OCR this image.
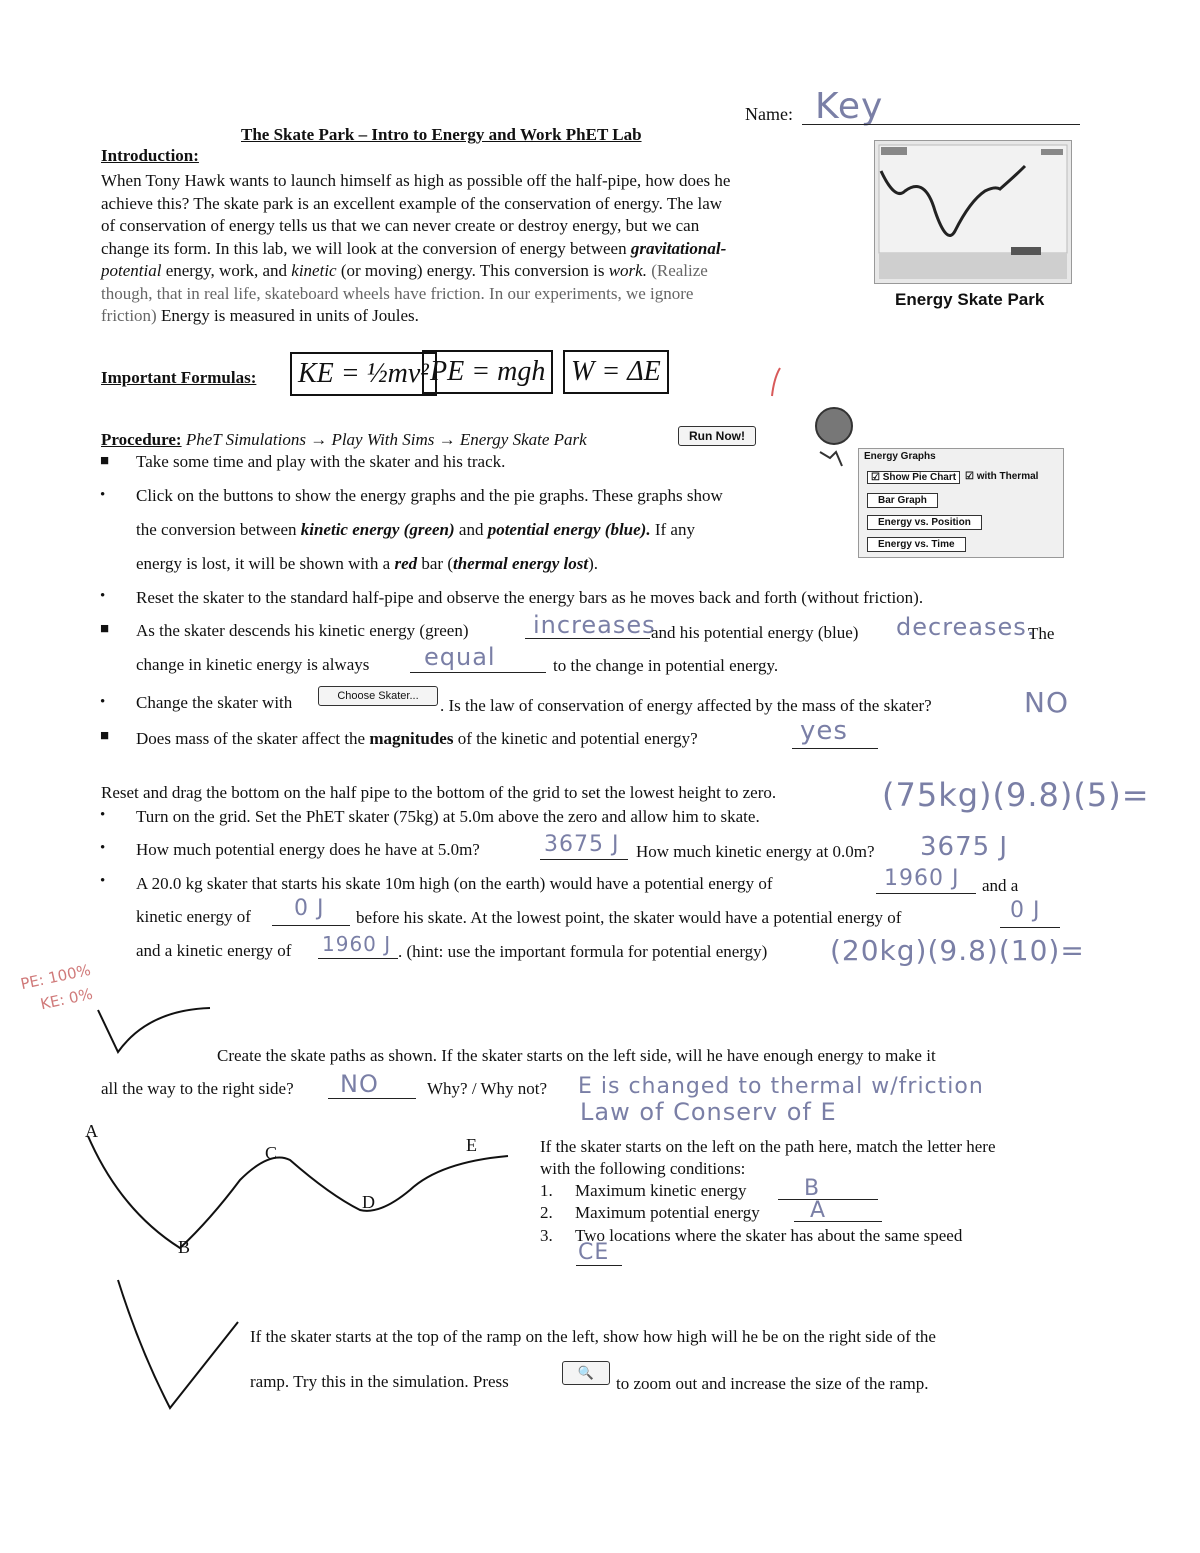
Name: Key
The Skate Park – Intro to Energy and Work PhET Lab
Introduction:
When Tony Hawk wants to launch himself as high as possible off the half-pipe, how does he
achieve this? The skate park is an excellent example of the conservation of energy. The law
of conservation of energy tells us that we can never create or destroy energy, but we can
change its form. In this lab, we will look at the conversion of energy between gravitational-
potential energy, work, and kinetic (or moving) energy. This conversion is work. (Realize
though, that in real life, skateboard wheels have friction. In our experiments, we ignore
friction) Energy is measured in units of Joules.
Energy Skate Park
Important Formulas: KE = ½mv² PE = mgh W = ΔE
Procedure: PheT Simulations → Play With Sims → Energy Skate Park	Run Now!
■ Take some time and play with the skater and his track.
• Click on the buttons to show the energy graphs and the pie graphs. These graphs show
the conversion between kinetic energy (green) and potential energy (blue). If any
energy is lost, it will be shown with a red bar (thermal energy lost).
Energy Graphs
☑ Show Pie Chart ☑ with Thermal
Bar Graph
Energy vs. Position
Energy vs. Time
• Reset the skater to the standard half-pipe and observe the energy bars as he moves back and forth (without friction).
■ As the skater descends his kinetic energy (green)	increases
and his potential energy (blue) decreases.
The
change in kinetic energy is always equal	to the change in potential energy.
• Change the skater with	Choose Skater...	. Is the law of conservation of energy affected by the mass of the skater?	NO
■ Does mass of the skater affect the magnitudes of the kinetic and potential energy?	yes
Reset and drag the bottom on the half pipe to the bottom of the grid to set the lowest height to zero.	(75kg)(9.8)(5)=
• Turn on the grid. Set the PhET skater (75kg) at 5.0m above the zero and allow him to skate.
• How much potential energy does he have at 5.0m?	3675 J How much kinetic energy at 0.0m? 3675 J
• A 20.0 kg skater that starts his skate 10m high (on the earth) would have a potential energy of	1960 J and a
kinetic energy of 0 J before his skate. At the lowest point, the skater would have a potential energy of	0 J
and a kinetic energy of 1960 J . (hint: use the important formula for potential energy) (20kg)(9.8)(10)=
PE: 100%
KE: 0%
Create the skate paths as shown. If the skater starts on the left side, will he have enough energy to make it
all the way to the right side? NO	Why? / Why not? E is changed to thermal w/friction
Law of Conserv of E
A
B
C
D
E	If the skater starts on the left on the path here, match the letter here
with the following conditions:
1. Maximum kinetic energy	B
2. Maximum potential energy A
3. Two locations where the skater has about the same speed
CE
If the skater starts at the top of the ramp on the left, show how high will he be on the right side of the
ramp. Try this in the simulation. Press	🔍
to zoom out and increase the size of the ramp.
